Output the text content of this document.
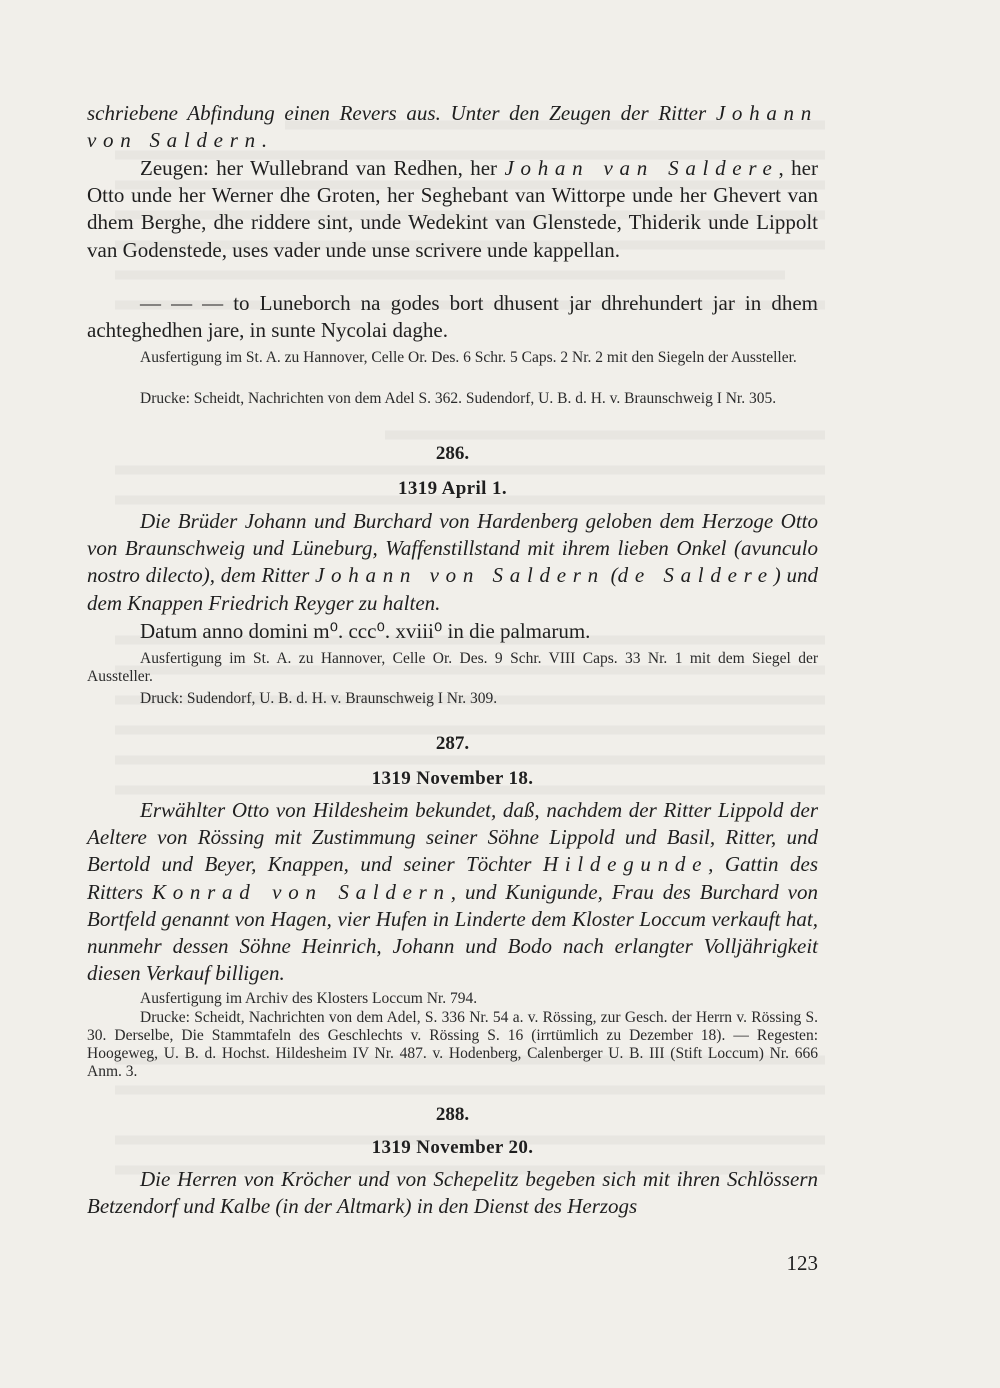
schriebene Abfindung einen Revers aus. Unter den Zeugen der Ritter Johann von Saldern.

Zeugen: her Wullebrand van Redhen, her Johan van Saldere, her Otto unde her Werner dhe Groten, her Seghebant van Wittorpe unde her Ghevert van dhem Berghe, dhe riddere sint, unde Wedekint van Glenstede, Thiderik unde Lippolt van Godenstede, uses vader unde unse scrivere unde kappellan.

— — — to Luneborch na godes bort dhusent jar dhrehundert jar in dhem achteghedhen jare, in sunte Nycolai daghe.

Ausfertigung im St. A. zu Hannover, Celle Or. Des. 6 Schr. 5 Caps. 2 Nr. 2 mit den Siegeln der Aussteller.

Drucke: Scheidt, Nachrichten von dem Adel S. 362. Sudendorf, U. B. d. H. v. Braunschweig I Nr. 305.

286.

1319 April 1.

Die Brüder Johann und Burchard von Hardenberg geloben dem Herzoge Otto von Braunschweig und Lüneburg, Waffenstillstand mit ihrem lieben Onkel (avunculo nostro dilecto), dem Ritter Johann von Saldern (de Saldere) und dem Knappen Friedrich Reyger zu halten.

Datum anno domini m⁰. ccc⁰. xviii⁰ in die palmarum.

Ausfertigung im St. A. zu Hannover, Celle Or. Des. 9 Schr. VIII Caps. 33 Nr. 1 mit dem Siegel der Aussteller.

Druck: Sudendorf, U. B. d. H. v. Braunschweig I Nr. 309.

287.

1319 November 18.

Erwählter Otto von Hildesheim bekundet, daß, nachdem der Ritter Lippold der Aeltere von Rössing mit Zustimmung seiner Söhne Lippold und Basil, Ritter, und Bertold und Beyer, Knappen, und seiner Töchter Hildegunde, Gattin des Ritters Konrad von Saldern, und Kunigunde, Frau des Burchard von Bortfeld genannt von Hagen, vier Hufen in Linderte dem Kloster Loccum verkauft hat, nunmehr dessen Söhne Heinrich, Johann und Bodo nach erlangter Volljährigkeit diesen Verkauf billigen.

Ausfertigung im Archiv des Klosters Loccum Nr. 794.

Drucke: Scheidt, Nachrichten von dem Adel, S. 336 Nr. 54 a. v. Rössing, zur Gesch. der Herrn v. Rössing S. 30. Derselbe, Die Stammtafeln des Geschlechts v. Rössing S. 16 (irrtümlich zu Dezember 18). — Regesten: Hoogeweg, U. B. d. Hochst. Hildesheim IV Nr. 487. v. Hodenberg, Calenberger U. B. III (Stift Loccum) Nr. 666 Anm. 3.

288.

1319 November 20.

Die Herren von Kröcher und von Schepelitz begeben sich mit ihren Schlössern Betzendorf und Kalbe (in der Altmark) in den Dienst des Herzogs

123
